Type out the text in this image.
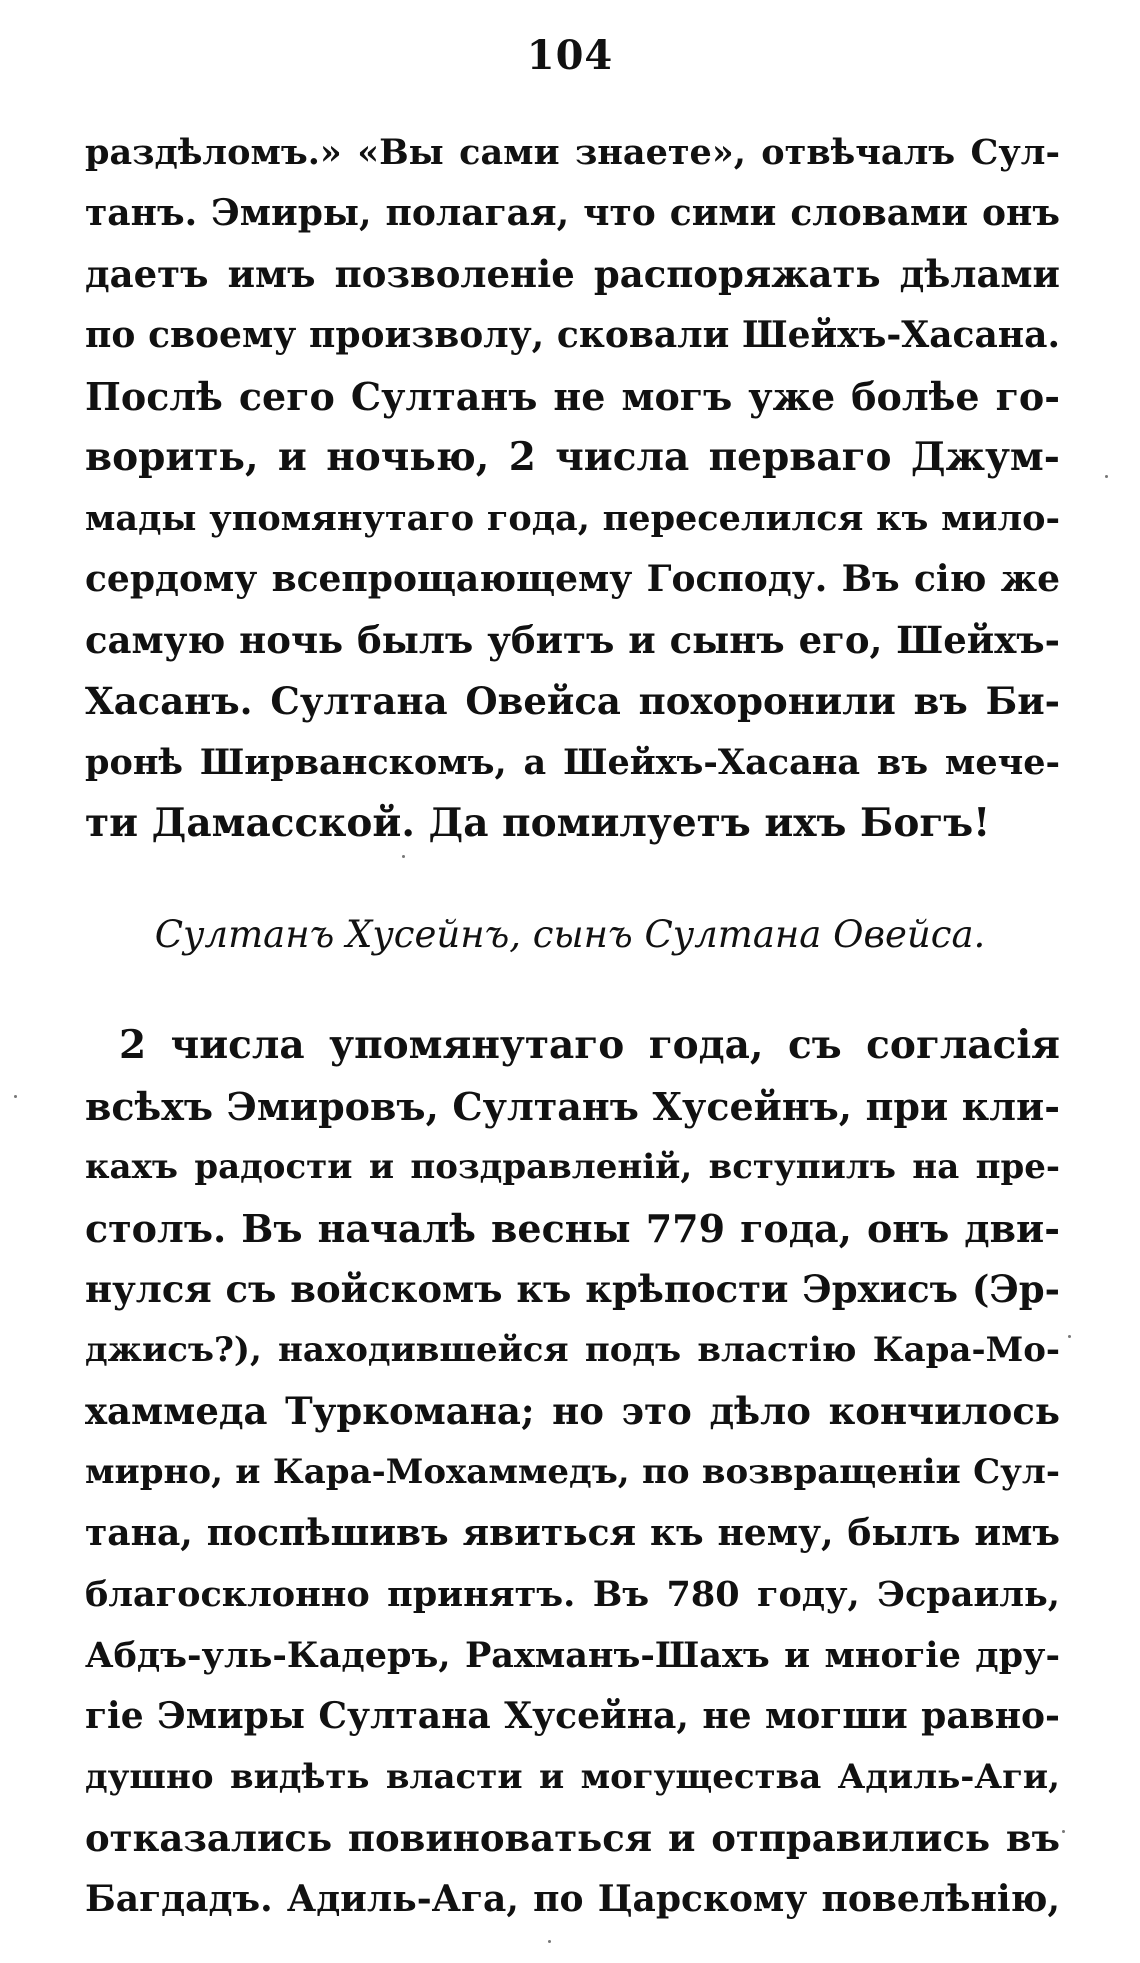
104
раздѣломъ.» «Вы сами знаете», отвѣчалъ Сул-
танъ. Эмиры, полагая, что сими словами онъ
даетъ имъ позволеніе распоряжать дѣлами
по своему произволу, сковали Шейхъ-Хасана.
Послѣ сего Султанъ не могъ уже болѣе го-
ворить, и ночью, 2 числа перваго Джум-
мады упомянутаго года, переселился къ мило-
сердому всепрощающему Господу. Въ сію же
самую ночь былъ убитъ и сынъ его, Шейхъ-
Хасанъ. Султана Овейса похоронили въ Би-
ронѣ Ширванскомъ, а Шейхъ-Хасана въ мече-
ти Дамасской. Да помилуетъ ихъ Богъ!
Султанъ Хусейнъ, сынъ Султана Овейса.
2 числа упомянутаго года, съ согласія
всѣхъ Эмировъ, Султанъ Хусейнъ, при кли-
кахъ радости и поздравленій, вступилъ на пре-
столъ. Въ началѣ весны 779 года, онъ дви-
нулся съ войскомъ къ крѣпости Эрхисъ (Эр-
джисъ?), находившейся подъ властію Кара-Мо-
хаммеда Туркомана; но это дѣло кончилось
мирно, и Кара-Мохаммедъ, по возвращеніи Сул-
тана, поспѣшивъ явиться къ нему, былъ имъ
благосклонно принятъ. Въ 780 году, Эсраиль,
Абдъ-уль-Кадеръ, Рахманъ-Шахъ и многіе дру-
гіе Эмиры Султана Хусейна, не могши равно-
душно видѣть власти и могущества Адиль-Аги,
отказались повиноваться и отправились въ
Багдадъ. Адиль-Ага, по Царскому повелѣнію,
